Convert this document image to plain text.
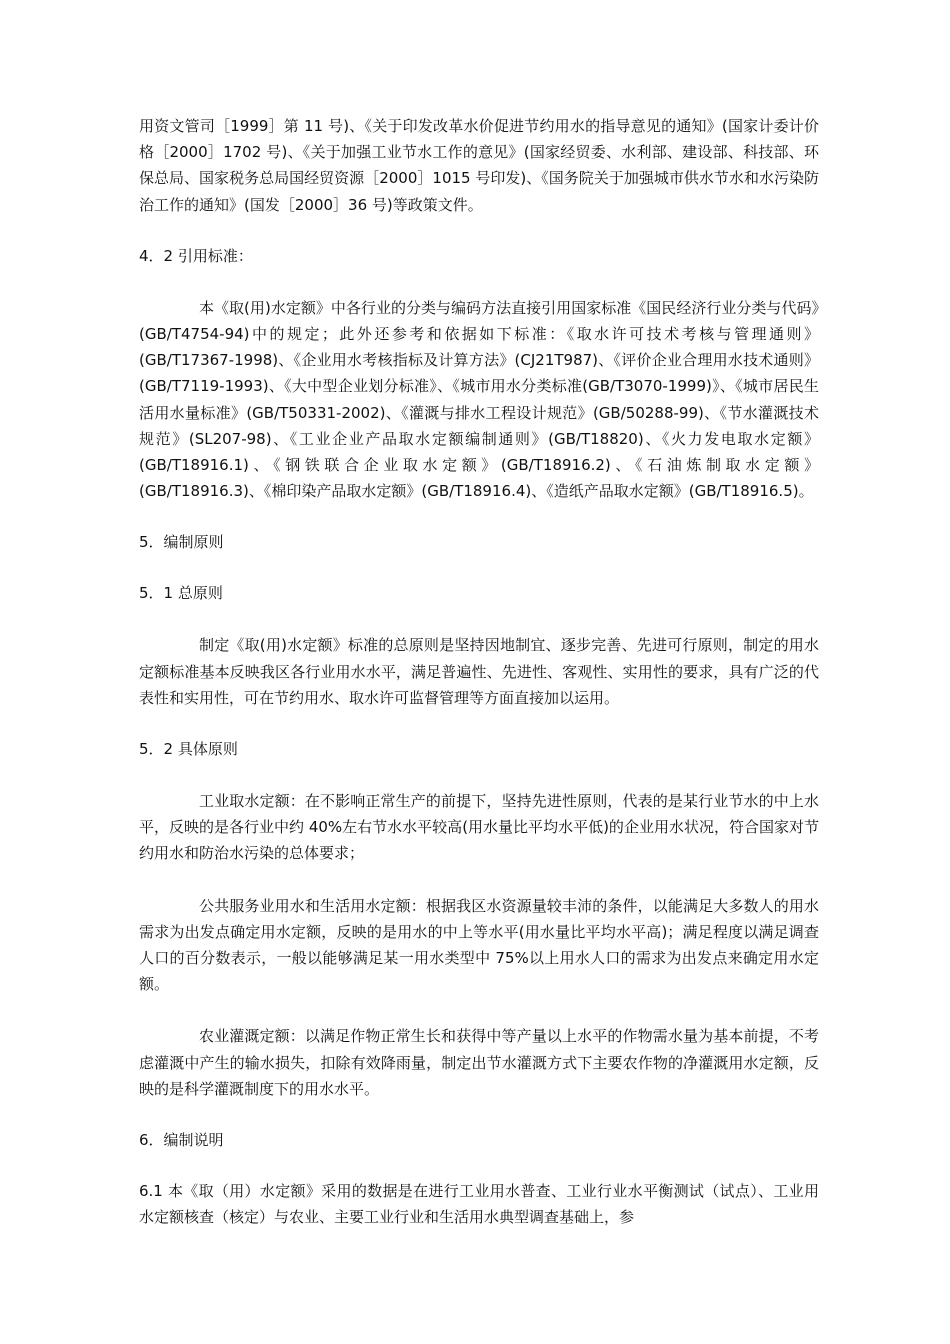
用资文管司［1999］第 11 号)、《关于印发改革水价促进节约用水的指导意见的通知》(国家计委计价格［2000］1702 号)、《关于加强工业节水工作的意见》(国家经贸委、水利部、建设部、科技部、环保总局、国家税务总局国经贸资源［2000］1015 号印发)、《国务院关于加强城市供水节水和水污染防治工作的通知》(国发［2000］36 号)等政策文件。

4．2 引用标准：

本《取(用)水定额》中各行业的分类与编码方法直接引用国家标准《国民经济行业分类与代码》(GB/T4754-94)中的规定；此外还参考和依据如下标准：《取水许可技术考核与管理通则》(GB/T17367-1998)、《企业用水考核指标及计算方法》(CJ21T987)、《评价企业合理用水技术通则》(GB/T7119-1993)、《大中型企业划分标准》、《城市用水分类标准(GB/T3070-1999)》、《城市居民生活用水量标准》(GB/T50331-2002)、《灌溉与排水工程设计规范》(GB/50288-99)、《节水灌溉技术规范》(SL207-98)、《工业企业产品取水定额编制通则》(GB/T18820)、《火力发电取水定额》(GB/T18916.1)、《钢铁联合企业取水定额》(GB/T18916.2)、《石油炼制取水定额》(GB/T18916.3)、《棉印染产品取水定额》(GB/T18916.4)、《造纸产品取水定额》(GB/T18916.5)。

5．编制原则

5．1 总原则

制定《取(用)水定额》标准的总原则是坚持因地制宜、逐步完善、先进可行原则，制定的用水定额标准基本反映我区各行业用水水平，满足普遍性、先进性、客观性、实用性的要求，具有广泛的代表性和实用性，可在节约用水、取水许可监督管理等方面直接加以运用。

5．2 具体原则

工业取水定额：在不影响正常生产的前提下，坚持先进性原则，代表的是某行业节水的中上水平，反映的是各行业中约 40%左右节水水平较高(用水量比平均水平低)的企业用水状况，符合国家对节约用水和防治水污染的总体要求；

公共服务业用水和生活用水定额：根据我区水资源量较丰沛的条件，以能满足大多数人的用水需求为出发点确定用水定额，反映的是用水的中上等水平(用水量比平均水平高)；满足程度以满足调查人口的百分数表示，一般以能够满足某一用水类型中 75%以上用水人口的需求为出发点来确定用水定额。

农业灌溉定额：以满足作物正常生长和获得中等产量以上水平的作物需水量为基本前提，不考虑灌溉中产生的输水损失，扣除有效降雨量，制定出节水灌溉方式下主要农作物的净灌溉用水定额，反映的是科学灌溉制度下的用水水平。

6．编制说明

6.1 本《取（用）水定额》采用的数据是在进行工业用水普查、工业行业水平衡测试（试点）、工业用水定额核查（核定）与农业、主要工业行业和生活用水典型调查基础上，参
